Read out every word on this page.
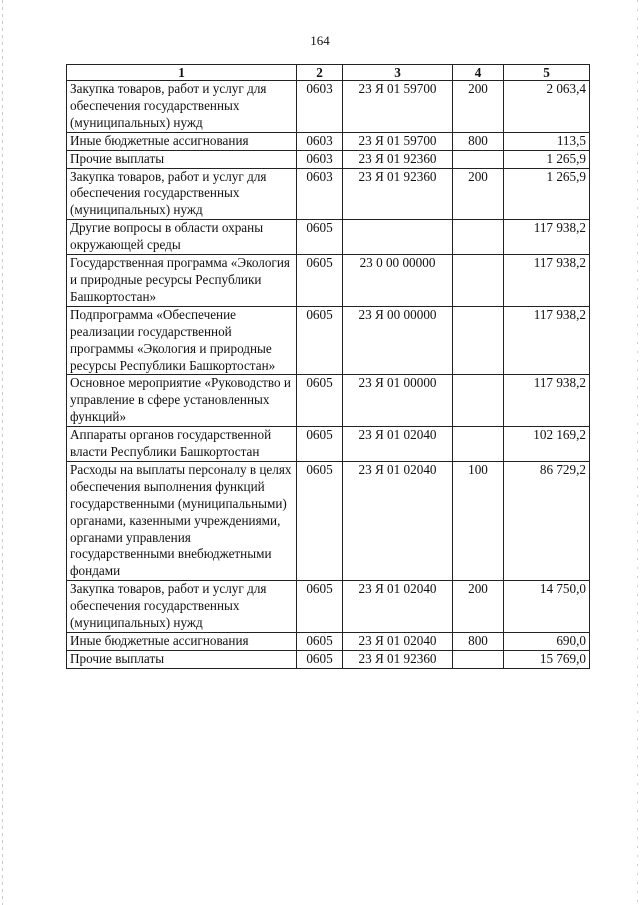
164
1	2	3	4	5
Закупка товаров, работ и услуг для обеспечения государственных (муниципальных) нужд	0603	23 Я 01 59700	200	2 063,4
Иные бюджетные ассигнования	0603	23 Я 01 59700	800	113,5
Прочие выплаты	0603	23 Я 01 92360		1 265,9
Закупка товаров, работ и услуг для обеспечения государственных (муниципальных) нужд	0603	23 Я 01 92360	200	1 265,9
Другие вопросы в области охраны окружающей среды	0605			117 938,2
Государственная программа «Экология и природные ресурсы Республики Башкортостан»	0605	23 0 00 00000		117 938,2
Подпрограмма «Обеспечение реализации государственной программы «Экология и природные ресурсы Республики Башкортостан»	0605	23 Я 00 00000		117 938,2
Основное мероприятие «Руководство и управление в сфере установленных функций»	0605	23 Я 01 00000		117 938,2
Аппараты органов государственной власти Республики Башкортостан	0605	23 Я 01 02040		102 169,2
Расходы на выплаты персоналу в целях обеспечения выполнения функций государственными (муниципальными) органами, казенными учреждениями, органами управления государственными внебюджетными фондами	0605	23 Я 01 02040	100	86 729,2
Закупка товаров, работ и услуг для обеспечения государственных (муниципальных) нужд	0605	23 Я 01 02040	200	14 750,0
Иные бюджетные ассигнования	0605	23 Я 01 02040	800	690,0
Прочие выплаты	0605	23 Я 01 92360		15 769,0
